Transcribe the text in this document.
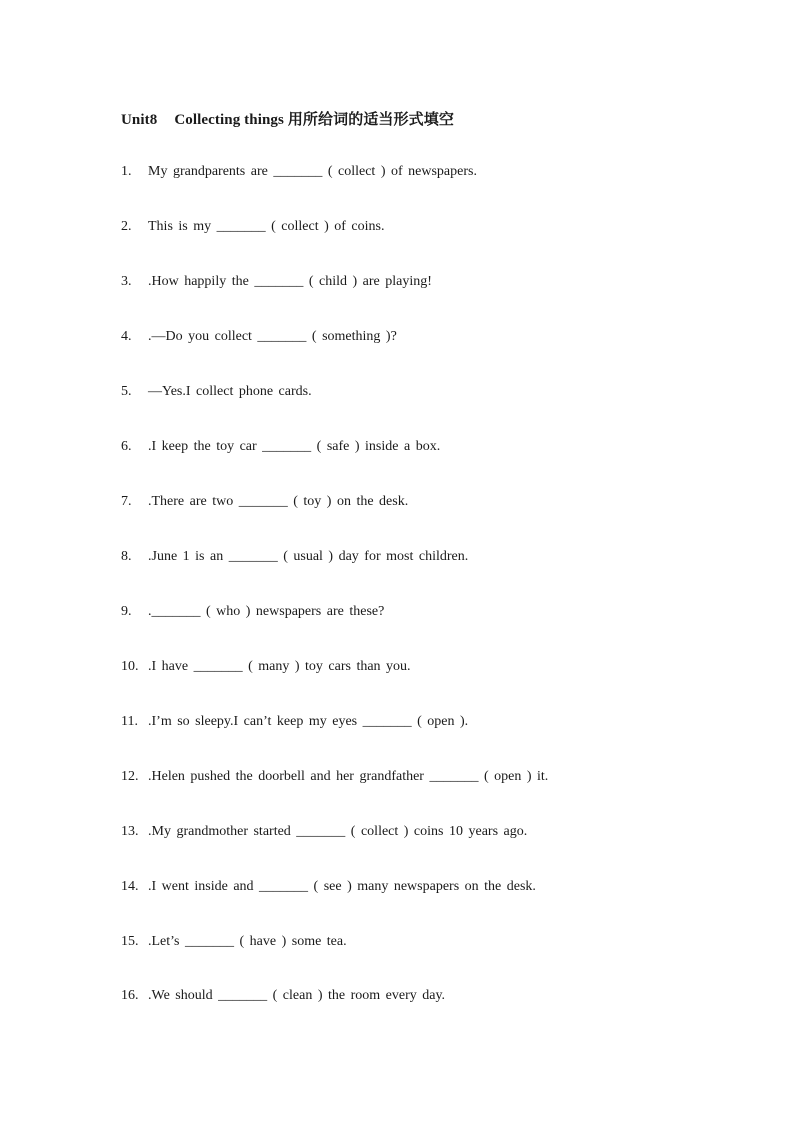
Unit8 Collecting things 用所给词的适当形式填空
1. My grandparents are _______ ( collect ) of newspapers.
2. This is my _______ ( collect ) of coins.
3. .How happily the _______ ( child ) are playing!
4. .—Do you collect _______ ( something )?
5. —Yes.I collect phone cards.
6. .I keep the toy car _______ ( safe ) inside a box.
7. .There are two _______ ( toy ) on the desk.
8. .June 1 is an _______ ( usual ) day for most children.
9. ._______ ( who ) newspapers are these?
10. .I have _______ ( many ) toy cars than you.
11. .I’m so sleepy.I can’t keep my eyes _______ ( open ).
12. .Helen pushed the doorbell and her grandfather _______ ( open ) it.
13. .My grandmother started _______ ( collect ) coins 10 years ago.
14. .I went inside and _______ ( see ) many newspapers on the desk.
15. .Let’s _______ ( have ) some tea.
16. .We should _______ ( clean ) the room every day.
